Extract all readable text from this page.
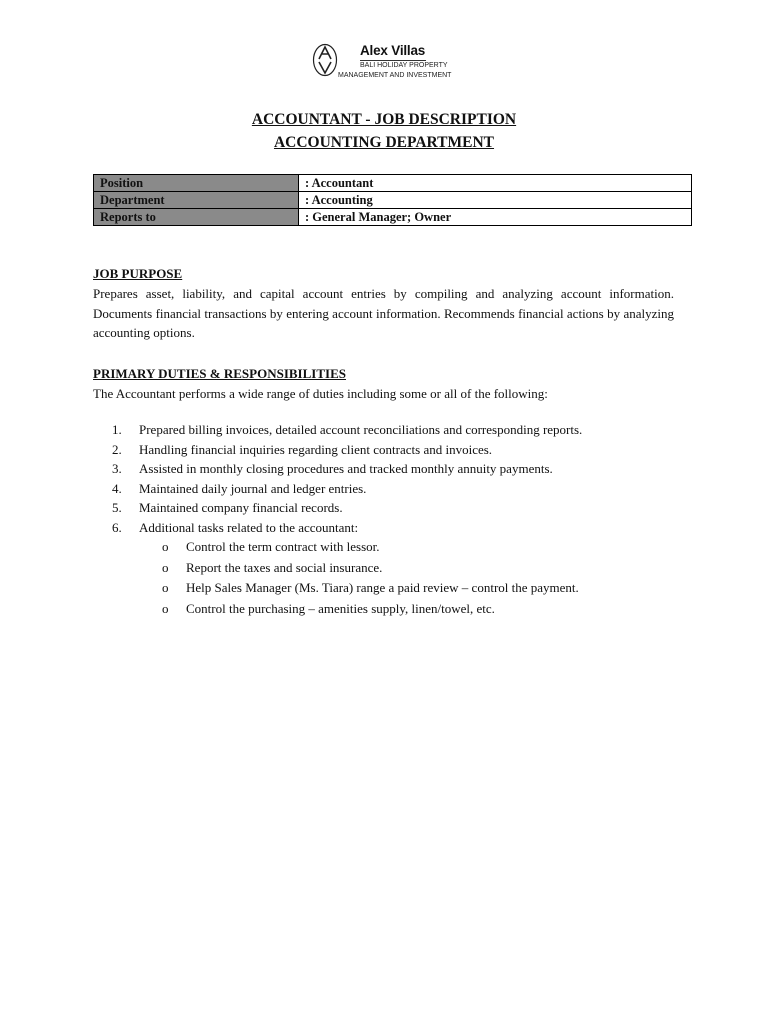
Alex Villas
BALI HOLIDAY PROPERTY
MANAGEMENT AND INVESTMENT
ACCOUNTANT - JOB DESCRIPTION
ACCOUNTING DEPARTMENT
Position	: Accountant
Department	: Accounting
Reports to	: General Manager; Owner
JOB PURPOSE
Prepares asset, liability, and capital account entries by compiling and analyzing account information. Documents financial transactions by entering account information. Recommends financial actions by analyzing accounting options.
PRIMARY DUTIES & RESPONSIBILITIES
The Accountant performs a wide range of duties including some or all of the following:
1.	Prepared billing invoices, detailed account reconciliations and corresponding reports.
2.	Handling financial inquiries regarding client contracts and invoices.
3.	Assisted in monthly closing procedures and tracked monthly annuity payments.
4.	Maintained daily journal and ledger entries.
5.	Maintained company financial records.
6.	Additional tasks related to the accountant:
o Control the term contract with lessor.
o Report the taxes and social insurance.
o Help Sales Manager (Ms. Tiara) range a paid review – control the payment.
o Control the purchasing – amenities supply, linen/towel, etc.
